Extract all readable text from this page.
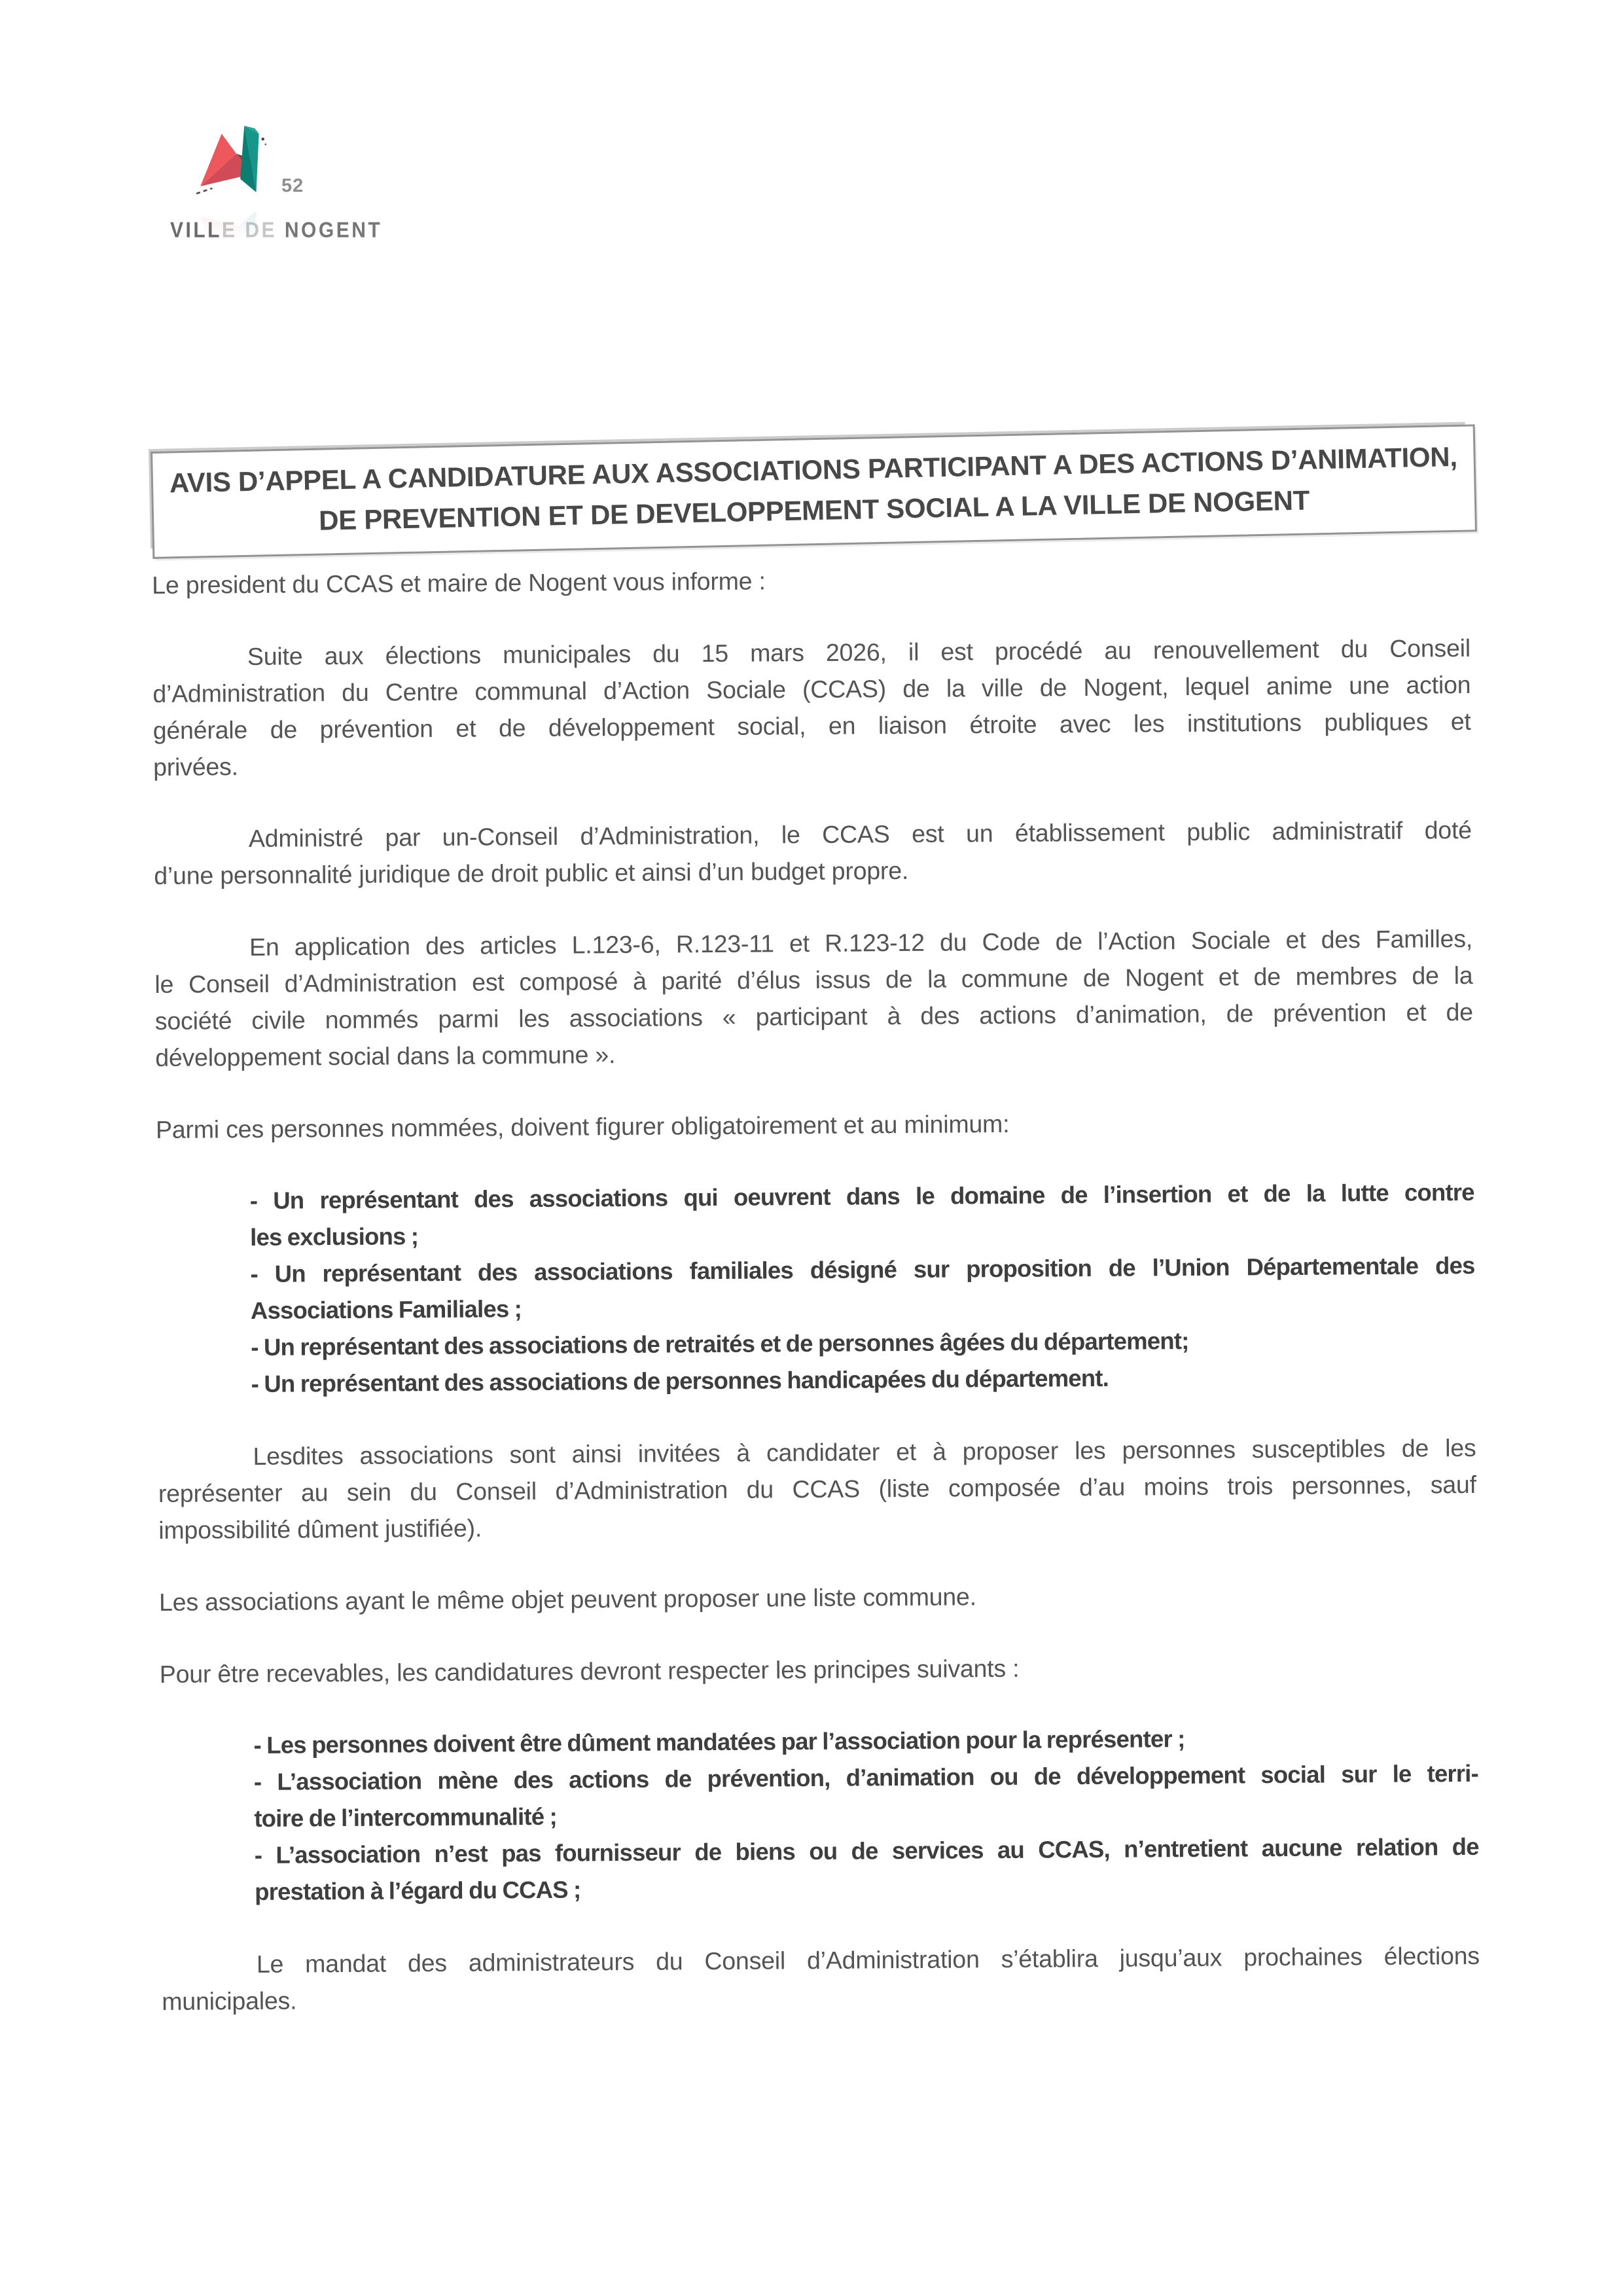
52
VILLE DE NOGENT
AVIS D’APPEL A CANDIDATURE AUX ASSOCIATIONS PARTICIPANT A DES ACTIONS D’ANIMATION,
DE PREVENTION ET DE DEVELOPPEMENT SOCIAL A LA VILLE DE NOGENT
Le president du CCAS et maire de Nogent vous informe :
Suite aux élections municipales du 15 mars 2026, il est procédé au renouvellement du Conseil
d’Administration du Centre communal d’Action Sociale (CCAS) de la ville de Nogent, lequel anime une action
générale de prévention et de développement social, en liaison étroite avec les institutions publiques et
privées.
Administré par un-Conseil d’Administration, le CCAS est un établissement public administratif doté
d’une personnalité juridique de droit public et ainsi d’un budget propre.
En application des articles L.123-6, R.123-11 et R.123-12 du Code de l’Action Sociale et des Familles,
le Conseil d’Administration est composé à parité d’élus issus de la commune de Nogent et de membres de la
société civile nommés parmi les associations « participant à des actions d’animation, de prévention et de
développement social dans la commune ».
Parmi ces personnes nommées, doivent figurer obligatoirement et au minimum:
- Un représentant des associations qui oeuvrent dans le domaine de l’insertion et de la lutte contre
les exclusions ;
- Un représentant des associations familiales désigné sur proposition de l’Union Départementale des
Associations Familiales ;
- Un représentant des associations de retraités et de personnes âgées du département;
- Un représentant des associations de personnes handicapées du département.
Lesdites associations sont ainsi invitées à candidater et à proposer les personnes susceptibles de les
représenter au sein du Conseil d’Administration du CCAS (liste composée d’au moins trois personnes, sauf
impossibilité dûment justifiée).
Les associations ayant le même objet peuvent proposer une liste commune.
Pour être recevables, les candidatures devront respecter les principes suivants :
- Les personnes doivent être dûment mandatées par l’association pour la représenter ;
- L’association mène des actions de prévention, d’animation ou de développement social sur le terri-
toire de l’intercommunalité ;
- L’association n’est pas fournisseur de biens ou de services au CCAS, n’entretient aucune relation de
prestation à l’égard du CCAS ;
Le mandat des administrateurs du Conseil d’Administration s’établira jusqu’aux prochaines élections
municipales.
